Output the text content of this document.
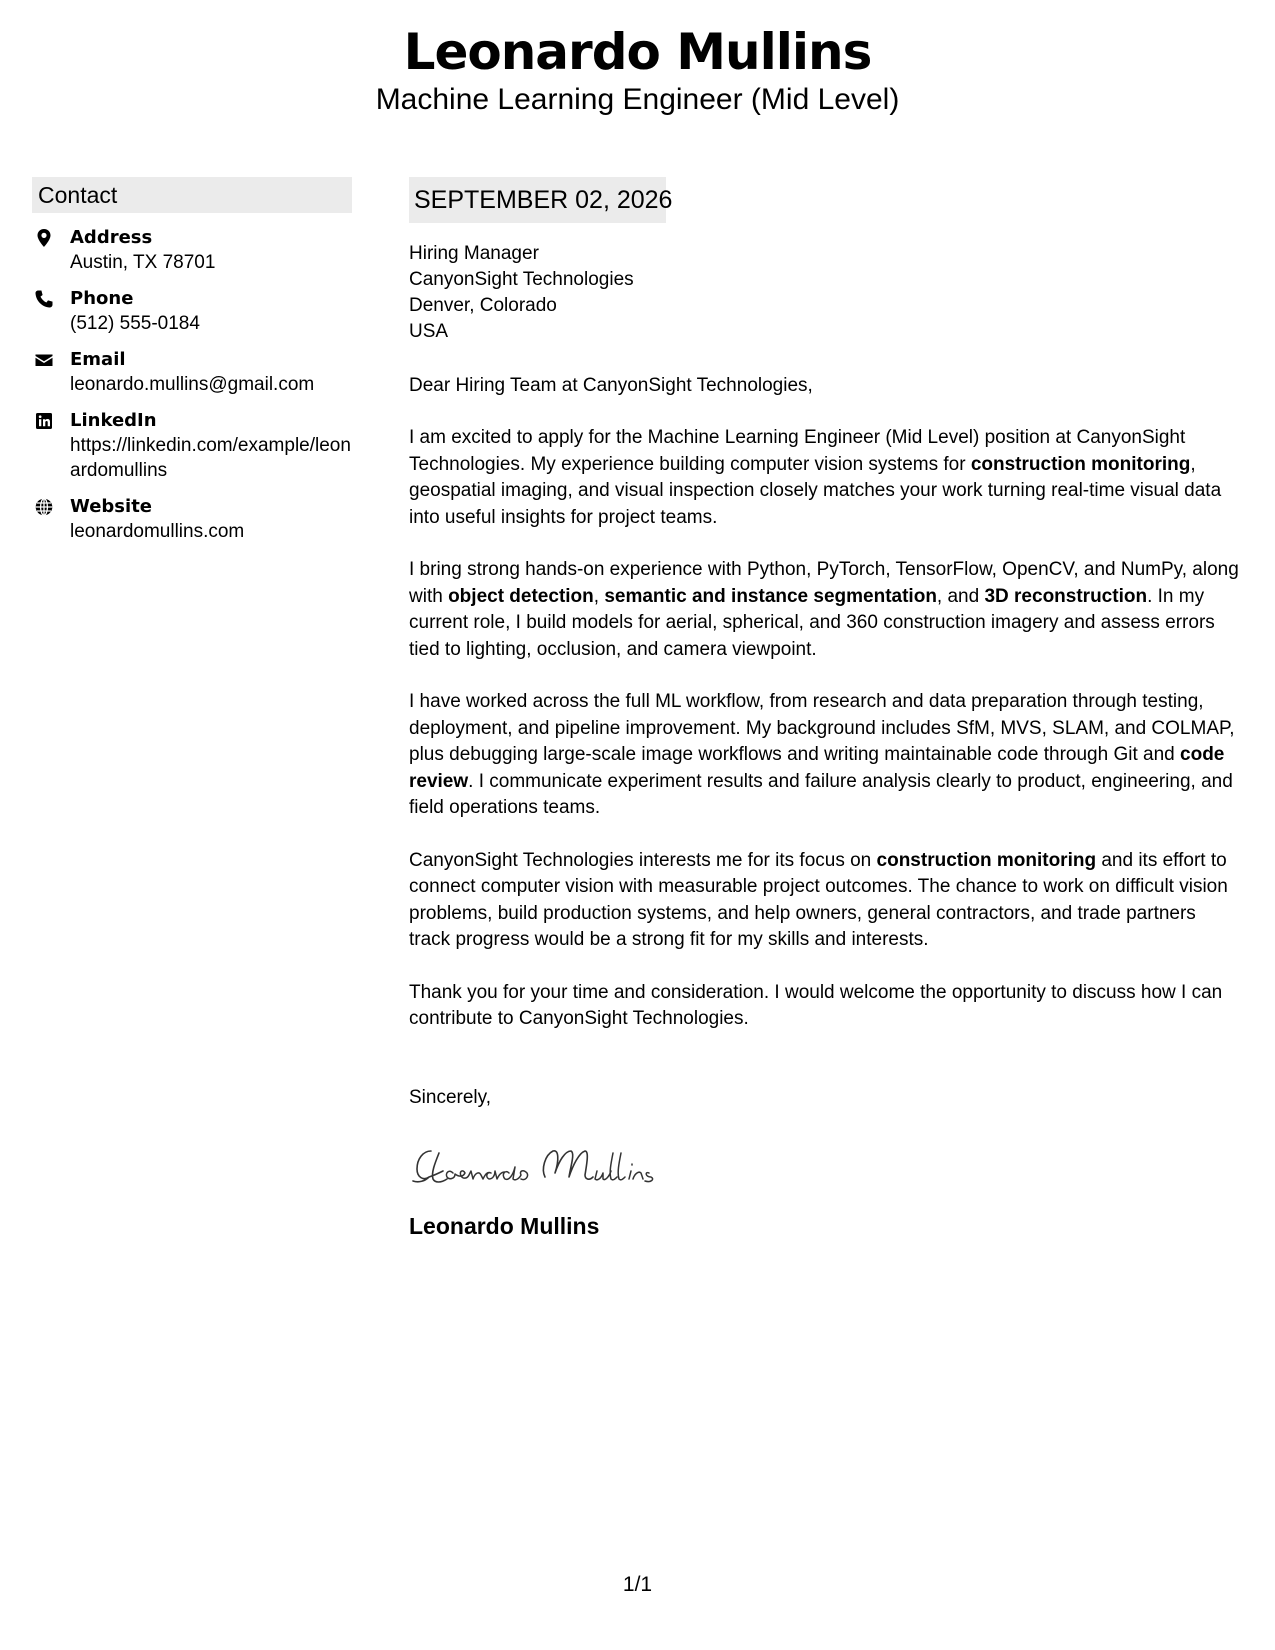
Leonardo Mullins
Machine Learning Engineer (Mid Level)
Contact
Address
Austin, TX 78701
Phone
(512) 555-0184
Email
leonardo.mullins@gmail.com
LinkedIn
https://linkedin.com/example/leonardomullins
Website
leonardomullins.com
SEPTEMBER 02, 2026
Hiring Manager
CanyonSight Technologies
Denver, Colorado
USA
Dear Hiring Team at CanyonSight Technologies,
I am excited to apply for the Machine Learning Engineer (Mid Level) position at CanyonSight Technologies. My experience building computer vision systems for construction monitoring, geospatial imaging, and visual inspection closely matches your work turning real-time visual data into useful insights for project teams.
I bring strong hands-on experience with Python, PyTorch, TensorFlow, OpenCV, and NumPy, along with object detection, semantic and instance segmentation, and 3D reconstruction. In my current role, I build models for aerial, spherical, and 360 construction imagery and assess errors tied to lighting, occlusion, and camera viewpoint.
I have worked across the full ML workflow, from research and data preparation through testing, deployment, and pipeline improvement. My background includes SfM, MVS, SLAM, and COLMAP, plus debugging large-scale image workflows and writing maintainable code through Git and code review. I communicate experiment results and failure analysis clearly to product, engineering, and field operations teams.
CanyonSight Technologies interests me for its focus on construction monitoring and its effort to connect computer vision with measurable project outcomes. The chance to work on difficult vision problems, build production systems, and help owners, general contractors, and trade partners track progress would be a strong fit for my skills and interests.
Thank you for your time and consideration. I would welcome the opportunity to discuss how I can contribute to CanyonSight Technologies.
Sincerely,
Leonardo Mullins
1/1
